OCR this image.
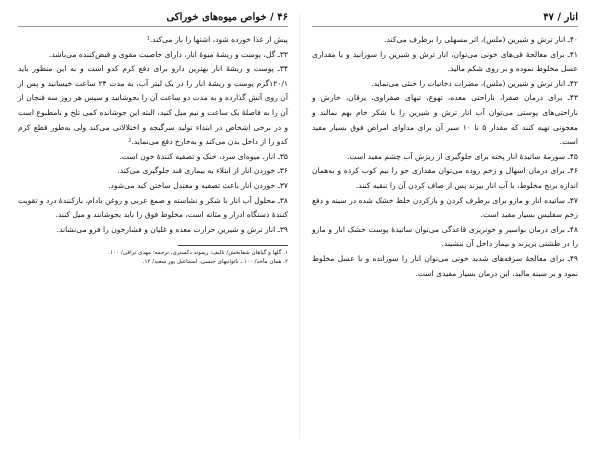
انار / ۴۷

۴۰ـ انار ترش و شیرین (ملس)، اثر مسهلی را برطرف می‌کند.

۴۱ـ برای معالجهٔ قی‌های خونی می‌توان، انار ترش و شیرین را سوزانید و با مقداری عسل مخلوط نموده و بر روی شکم مالید.

۴۲ـ انار ترش و شیرین (ملس)، مضرات دخانیات را خنثی می‌نماید.

۴۳ـ برای درمان صفرا، ناراحتی معده، تهوع، تبهای صفراوی، یرقان، خارش و ناراحتی‌های پوستی می‌توان آب انار ترش و شیرین را با شکر خام بهم بمالند و معجونی تهیه کنند که مقدار ۵ تا ۱۰ سیر آن برای مداوای امراض فوق بسیار مفید است.

۴۵ـ سورمهٔ ساتیدهٔ انار پخته برای جلوگیری از ریزش آب چشم مفید است.

۴۶ـ برای درمان اسهال و زخم روده می‌توان مقداری جو را نیم کوب کرده و به‌همان اندازه برنج مخلوط، با آب انار بپزند پس از صاف کردن آن را تنقیه کنند.

۴۷ـ ساتیده انار و مازو برای برطرف کردن و بازکردن خلط خشک شده در سینه و دفع زخم سفلیس بسیار مفید است.

۴۸ـ برای درمان بواسیر و خونریزی قاعدگی می‌توان ساتیدهٔ پوست خشک انار و مازو را در طشتی بریزند و بیمار داخل آن بنشیند.

۴۹ـ برای معالجهٔ سرفه‌های شدید خونی می‌توان انار را سوزانده و با عسل مخلوط نمود و بر سینه مالید، این درمان بسیار مفیدی است.

۴۶ / خواص میوه‌های خوراکی

پیش از غذا خورده شود، اشتها را باز می‌کند.¹

۳۳ـ گل، پوست و ریشهٔ میوهٔ انار، دارای خاصیت مقوی و قبض‌کننده می‌باشد.

۳۴ـ پوست و ریشهٔ انار بهترین دارو برای دفع کرم کدو است و به این منظور باید ۱۲۰/۱گرم پوست و ریشهٔ انار را در یک لیتر آب، به مدت ۲۴ ساعت خیسانید و پس از آن روی آتش گذارده و به مدت دو ساعت آن را بجوشانید و سپس هر روز سه فنجان از آن را به فاصلهٔ یک ساعت و نیم میل کنید، البته این جوشانده کمی تلخ و نامطبوع است و در برخی اشخاص در ابتداء تولید سرگیجه و اختلالاتی می‌کند ولی به‌طور قطع کرم کدو را از داخل بدن می‌کند و به‌خارج دفع می‌نماید.²

۳۵ـ انار، میوه‌ای سرد، خنک و تصفیه کنندهٔ خون است.

۳۶ـ خوردن انار از ابتلاء به بیماری قند جلوگیری می‌کند.

۳۷ـ خوردن انار باعث تصفیه و معتدل ساختن کبد می‌شود.

۳۸ـ محلول آب انار با شکر و نشاسته و صمغ عربی و روغن بادام، بازکنندهٔ درد و تقویت کنندهٔ دستگاه ادرار و مثانه است، مخلوط فوق را باید بجوشانند و میل کنند.

۳۹ـ انار ترش و شیرین حرارت معده و غلیان و فشارخون را فرو می‌نشاند.

۱. گلها و گیاهان شفابخش/ تالیف: ریموند دکستری، ترجمه: مهدی نراقی/ ۱۰۰.
۲. همان مأخذ/ ۱۰۰ ـ ناتوانیهای جنسی، اسماعیل پور سعید/ ۱۲.
